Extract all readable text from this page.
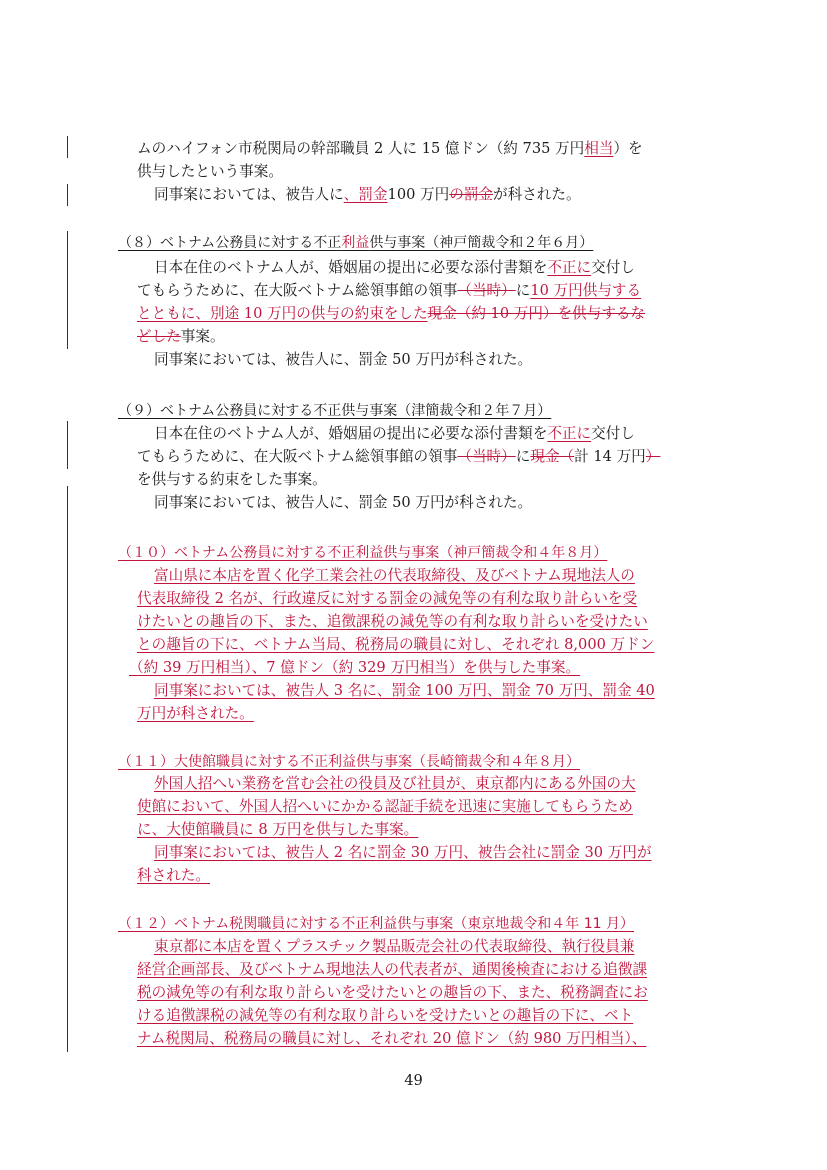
ムのハイフォン市税関局の幹部職員 2 人に 15 億ドン（約 735 万円相当）を
供与したという事案。
同事案においては、被告人に、罰金100 万円の罰金が科された。
（８）ベトナム公務員に対する不正利益供与事案（神戸簡裁令和２年６月）
日本在住のベトナム人が、婚姻届の提出に必要な添付書類を不正に交付し
てもらうために、在大阪ベトナム総領事館の領事（当時）に10 万円供与する
とともに、別途 10 万円の供与の約束をした現金（約 10 万円）を供与するな
どした事案。
同事案においては、被告人に、罰金 50 万円が科された。
（９）ベトナム公務員に対する不正供与事案（津簡裁令和２年７月）
日本在住のベトナム人が、婚姻届の提出に必要な添付書類を不正に交付し
てもらうために、在大阪ベトナム総領事館の領事（当時）に現金（計 14 万円）
を供与する約束をした事案。
同事案においては、被告人に、罰金 50 万円が科された。
（１０）ベトナム公務員に対する不正利益供与事案（神戸簡裁令和４年８月）
富山県に本店を置く化学工業会社の代表取締役、及びベトナム現地法人の
代表取締役 2 名が、行政違反に対する罰金の減免等の有利な取り計らいを受
けたいとの趣旨の下、また、追徴課税の減免等の有利な取り計らいを受けたい
との趣旨の下に、ベトナム当局、税務局の職員に対し、それぞれ 8,000 万ドン
（約 39 万円相当）、7 億ドン（約 329 万円相当）を供与した事案。
同事案においては、被告人 3 名に、罰金 100 万円、罰金 70 万円、罰金 40
万円が科された。
（１１）大使館職員に対する不正利益供与事案（長崎簡裁令和４年８月）
外国人招へい業務を営む会社の役員及び社員が、東京都内にある外国の大
使館において、外国人招へいにかかる認証手続を迅速に実施してもらうため
に、大使館職員に 8 万円を供与した事案。
同事案においては、被告人 2 名に罰金 30 万円、被告会社に罰金 30 万円が
科された。
（１２）ベトナム税関職員に対する不正利益供与事案（東京地裁令和４年 11 月）
東京都に本店を置くプラスチック製品販売会社の代表取締役、執行役員兼
経営企画部長、及びベトナム現地法人の代表者が、通関後検査における追徴課
税の減免等の有利な取り計らいを受けたいとの趣旨の下、また、税務調査にお
ける追徴課税の減免等の有利な取り計らいを受けたいとの趣旨の下に、ベト
ナム税関局、税務局の職員に対し、それぞれ 20 億ドン（約 980 万円相当）、
49
